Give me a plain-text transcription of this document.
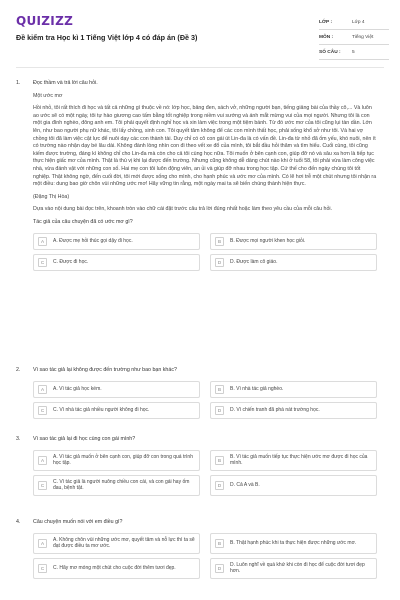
QUIZIZZ
Đề kiểm tra Học kì 1 Tiếng Việt lớp 4 có đáp án (Đề 3)
LỚP :	Lớp 4
MÔN :	Tiếng Việt
SỐ CÂU :	5
1. Đọc thầm và trả lời câu hỏi.
Một ước mơ
Hồi nhỏ, tôi rất thích đi học và tất cả những gì thuộc về nó: lớp học, bảng đen, sách vở, những người bạn, tiếng giảng bài của thầy cô,... Và luôn ao ước sẽ có một ngày, tôi tự hào giương cao tấm bằng tốt nghiệp trong niềm vui sướng và ánh mắt mừng vui của mọi người. Nhưng tôi là con một gia đình nghèo, đông anh em. Tôi phải quyết định nghỉ học và xin làm việc trong một tiệm bánh. Từ đó ước mơ của tôi cũng lụi tàn dần. Lớn lên, như bao người phụ nữ khác, tôi lấy chồng, sinh con. Tôi quyết tâm không để các con mình thất học, phải sống khổ sở như tôi. Và hai vợ chồng tôi đã làm việc cật lực để nuôi dạy các con thành tài. Duy chỉ có cô con gái út Lin-đa là có vấn đề. Lin-đa từ nhỏ đã ốm yếu, khó nuôi, nên ít có trường nào nhận dạy bé lâu dài. Không đành lòng nhìn con đi theo vết xe đổ của mình, tôi bắt đầu hỏi thăm và tìm hiểu. Cuối cùng, tôi cũng kiếm được trường, đáng kì không chỉ cho Lin-đa mà còn cho cả tôi cùng học nữa. Tôi muốn ở bên cạnh con, giúp đỡ nó và sâu xa hơn là tiếp tục thực hiện giấc mơ của mình. Thật là thú vị khi lại được đến trường. Nhưng cũng không dễ dàng chút nào khi ở tuổi 58, tôi phải vừa làm công việc nhà, vừa đánh vật với những con số. Hai mẹ con tôi luôn động viên, an ủi và giúp đỡ nhau trong học tập. Cứ thế cho đến ngày chúng tôi tốt nghiệp. Thật không ngờ, đến cuối đời, tôi mới được sống cho mình, cho hạnh phúc và ước mơ của mình. Có lẽ hơi trễ một chút nhưng tôi nhận ra một điều: dung bao giờ chôn vùi những ước mơ! Hãy vững tin rằng, một ngày mai ta sẽ biến chúng thành hiện thực.
(Đặng Thị Hòa)
Dựa vào nội dung bài đọc trên, khoanh tròn vào chữ cái đặt trước câu trả lời đúng nhất hoặc làm theo yêu cầu của mỗi câu hỏi.
Tác giả của câu chuyện đã có ước mơ gì?
A	A. Được mẹ hỏi thúc gọi dậy đi học.	B	B. Được mọi người khen học giỏi.
C	C. Được đi học.	D	D. Được làm cô giáo.
2. Vì sao tác giả lại không được đến trường như bao bạn khác?
A	A. Vì tác giả học kém.	B	B. Vì nhà tác giả nghèo.
C	C. Vì nhà tác giả nhiều người không đi học.	D	D. Vì chiến tranh đã phá nát trường học.
3. Vì sao tác giả lại đi học cùng con gái mình?
A
A. Vì tác giả muốn ở bên cạnh con, giúp đỡ con trong quá trình học tập.	B
B. Vì tác giả muốn tiếp tục thực hiện ước mơ được đi học của mình.
C
C. Vì tác giả là người nuông chiều con cái, và con gái hay ốm đau, bệnh tật.	D	D. Cả A và B.
4. Câu chuyện muốn nói với em điều gì?
A
A. Không chôn vùi những ước mơ, quyết tâm và nỗ lực thì ta sẽ đạt được điều ta mơ ước.	B	B. Thật hạnh phúc khi ta thực hiện được những ước mơ.
C	C. Hãy mơ móng một chút cho cuộc đời thêm tươi đẹp.	D
D. Luôn nghĩ về quá khứ khi còn đi học để cuộc đời tươi đẹp hơn.
